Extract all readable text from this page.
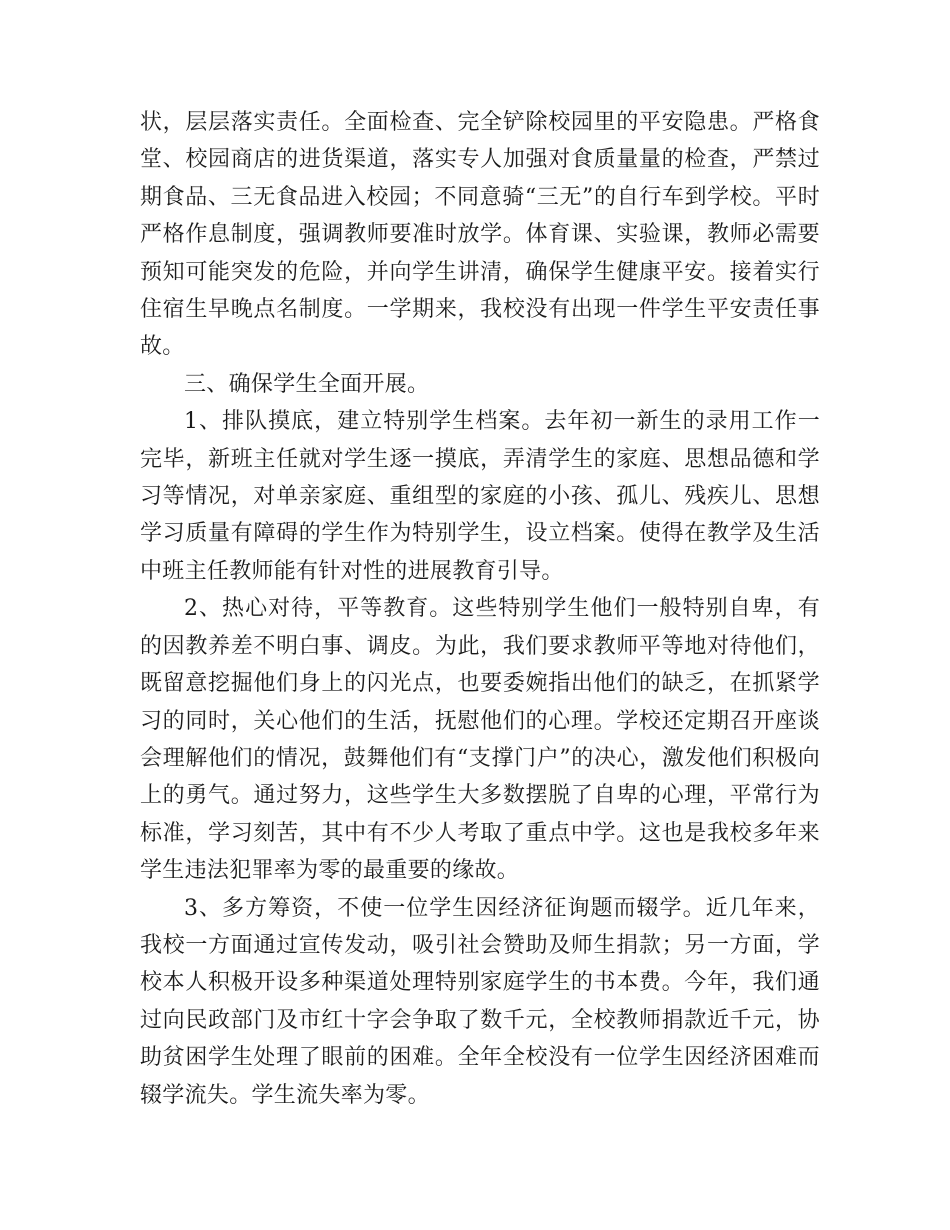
状，层层落实责任。全面检查、完全铲除校园里的平安隐患。严格食堂、校园商店的进货渠道，落实专人加强对食质量量的检查，严禁过期食品、三无食品进入校园；不同意骑“三无”的自行车到学校。平时严格作息制度，强调教师要准时放学。体育课、实验课，教师必需要预知可能突发的危险，并向学生讲清，确保学生健康平安。接着实行住宿生早晚点名制度。一学期来，我校没有出现一件学生平安责任事故。

三、确保学生全面开展。

1、排队摸底，建立特别学生档案。去年初一新生的录用工作一完毕，新班主任就对学生逐一摸底，弄清学生的家庭、思想品德和学习等情况，对单亲家庭、重组型的家庭的小孩、孤儿、残疾儿、思想学习质量有障碍的学生作为特别学生，设立档案。使得在教学及生活中班主任教师能有针对性的进展教育引导。

2、热心对待，平等教育。这些特别学生他们一般特别自卑，有的因教养差不明白事、调皮。为此，我们要求教师平等地对待他们，既留意挖掘他们身上的闪光点，也要委婉指出他们的缺乏，在抓紧学习的同时，关心他们的生活，抚慰他们的心理。学校还定期召开座谈会理解他们的情况，鼓舞他们有“支撑门户”的决心，激发他们积极向上的勇气。通过努力，这些学生大多数摆脱了自卑的心理，平常行为标准，学习刻苦，其中有不少人考取了重点中学。这也是我校多年来学生违法犯罪率为零的最重要的缘故。

3、多方筹资，不使一位学生因经济征询题而辍学。近几年来，我校一方面通过宣传发动，吸引社会赞助及师生捐款；另一方面，学校本人积极开设多种渠道处理特别家庭学生的书本费。今年，我们通过向民政部门及市红十字会争取了数千元，全校教师捐款近千元，协助贫困学生处理了眼前的困难。全年全校没有一位学生因经济困难而辍学流失。学生流失率为零。
